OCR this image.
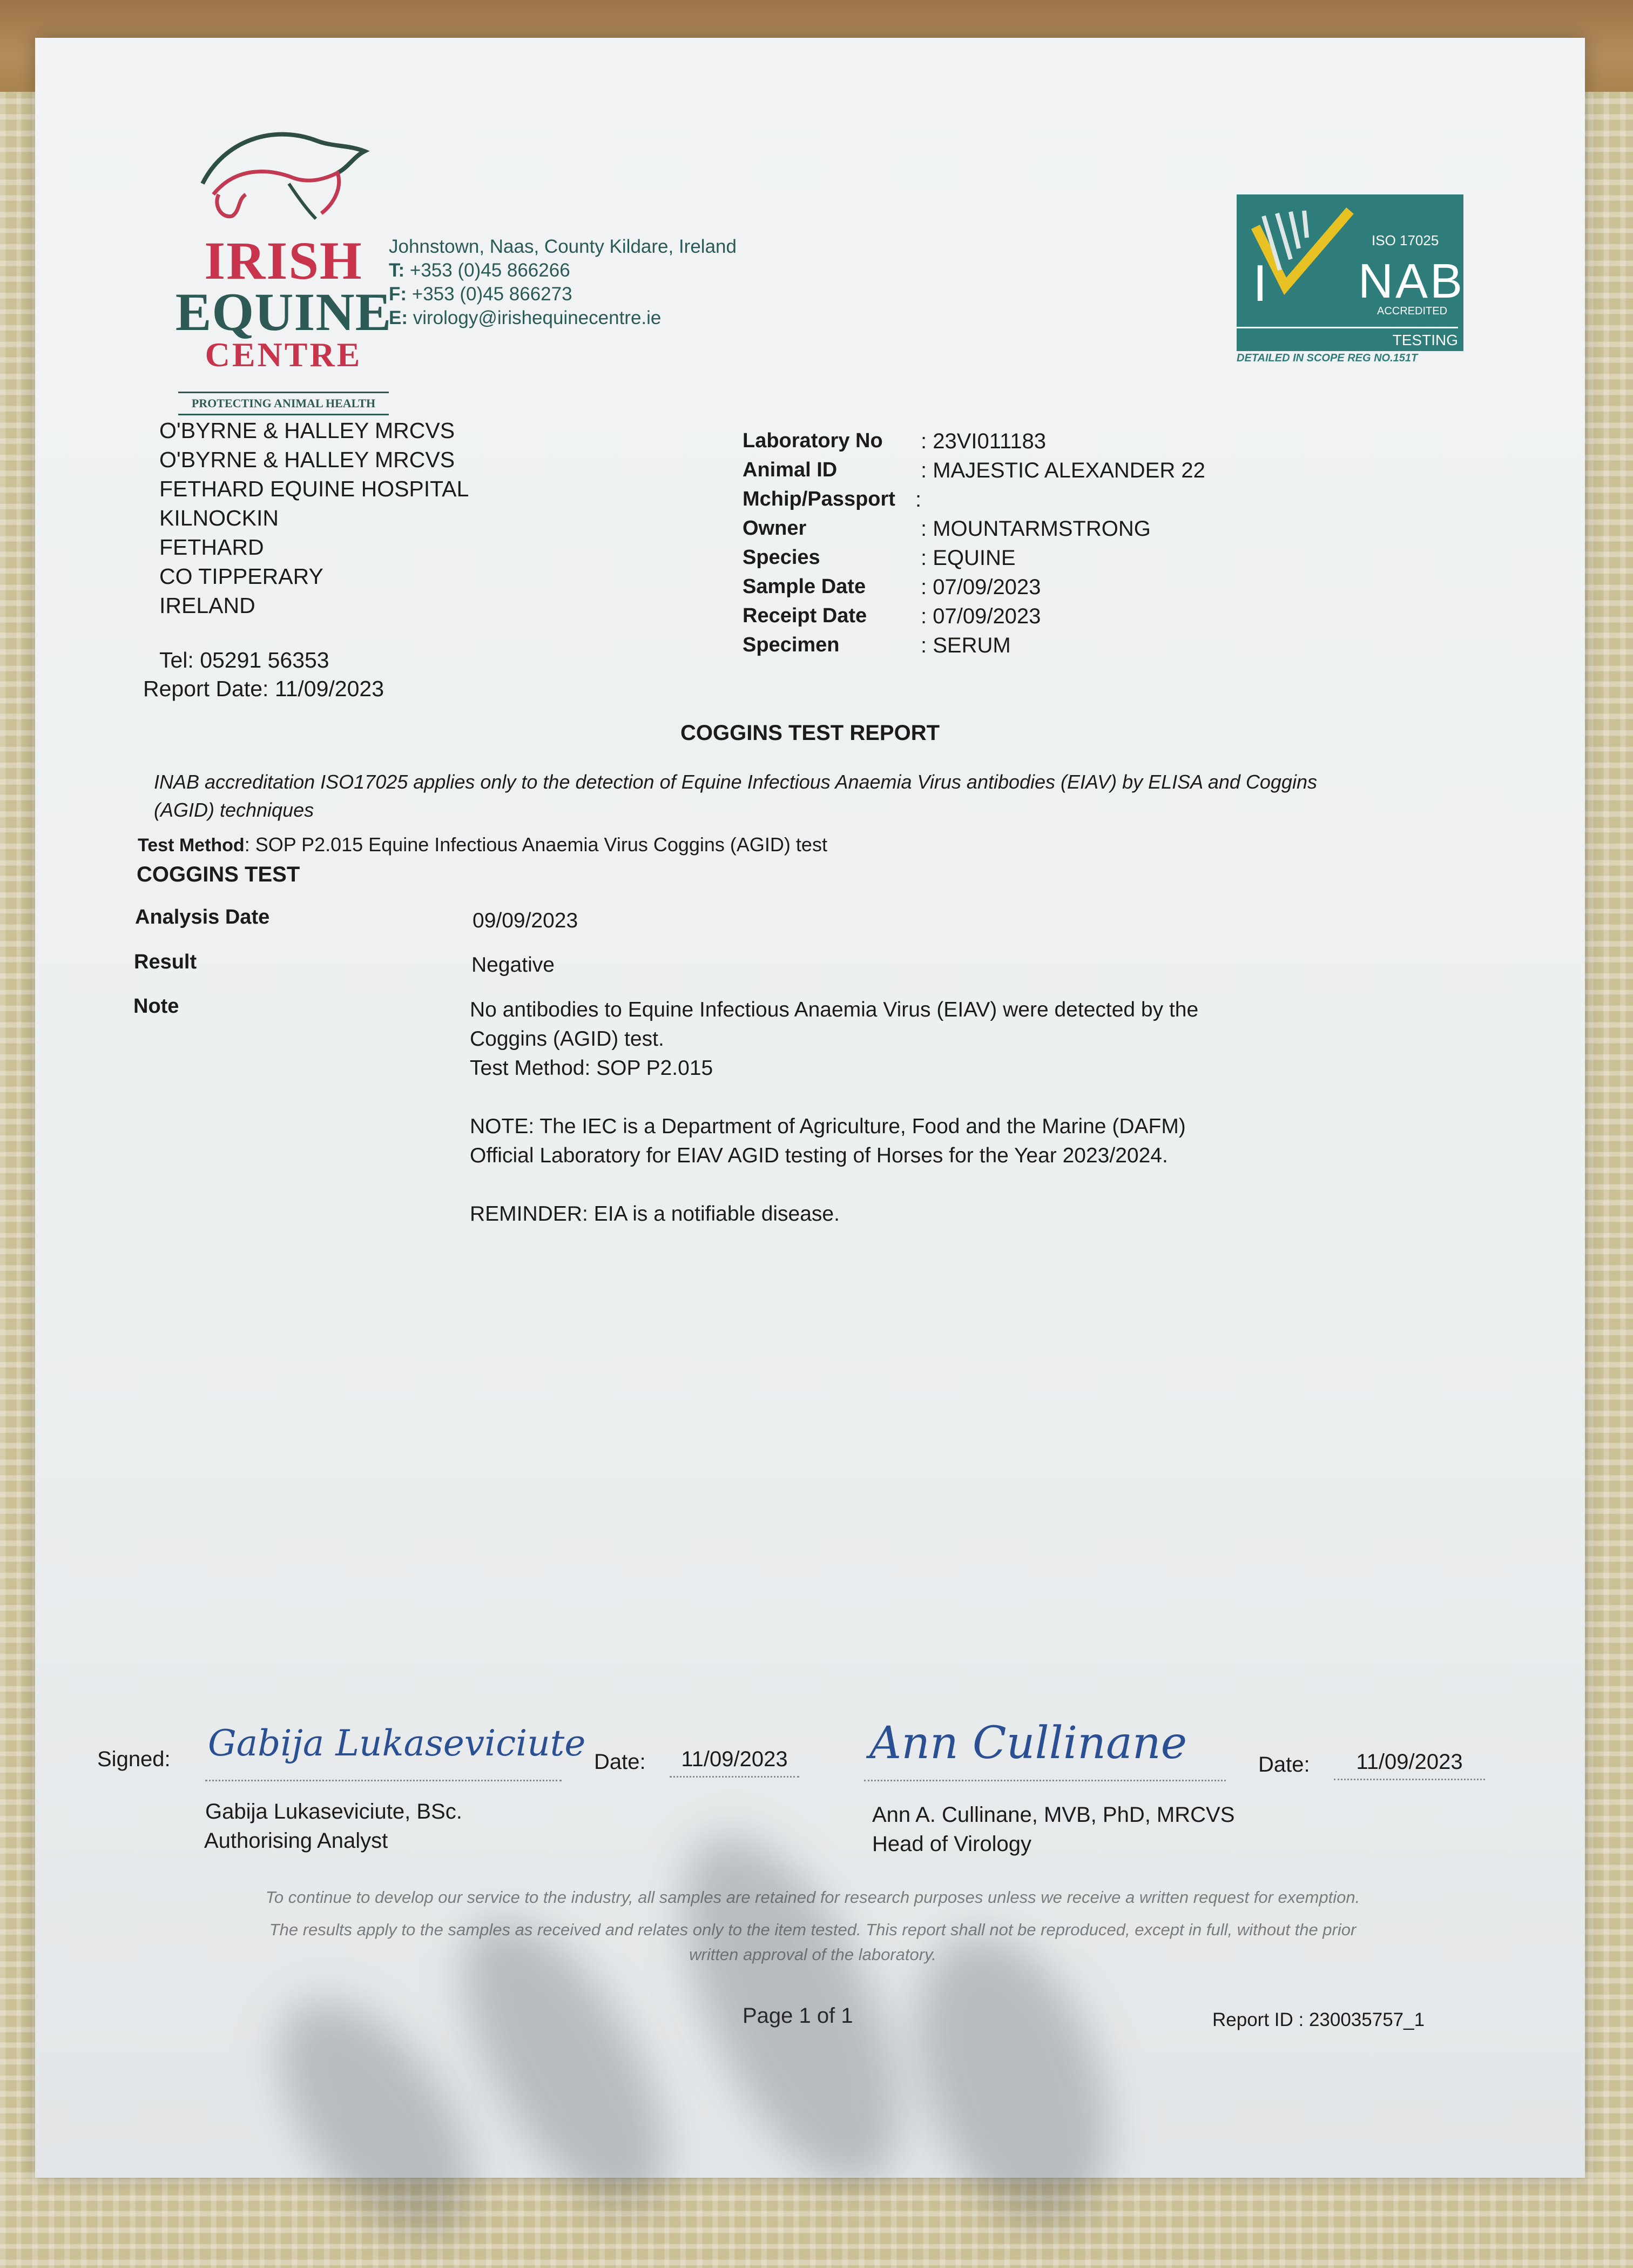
IRISH
EQUINE
CENTRE
PROTECTING ANIMAL HEALTH
Johnstown, Naas, County Kildare, Ireland
T: +353 (0)45 866266
F: +353 (0)45 866273
E: virology@irishequinecentre.ie
ISO 17025
I NAB
ACCREDITED
TESTING
DETAILED IN SCOPE REG NO.151T
O'BYRNE & HALLEY MRCVS
O'BYRNE & HALLEY MRCVS
FETHARD EQUINE HOSPITAL
KILNOCKIN
FETHARD
CO TIPPERARY
IRELAND
Tel: 05291 56353
Report Date: 11/09/2023
Laboratory No	: 23VI011183
Animal ID	: MAJESTIC ALEXANDER 22
Mchip/Passport :
Owner	: MOUNTARMSTRONG
Species	: EQUINE
Sample Date	: 07/09/2023
Receipt Date	: 07/09/2023
Specimen	: SERUM
COGGINS TEST REPORT
INAB accreditation ISO17025 applies only to the detection of Equine Infectious Anaemia Virus antibodies (EIAV) by ELISA and Coggins (AGID) techniques
Test Method: SOP P2.015 Equine Infectious Anaemia Virus Coggins (AGID) test
COGGINS TEST
Analysis Date	09/09/2023
Result	Negative
Note	No antibodies to Equine Infectious Anaemia Virus (EIAV) were detected by the Coggins (AGID) test.
Test Method: SOP P2.015
NOTE: The IEC is a Department of Agriculture, Food and the Marine (DAFM) Official Laboratory for EIAV AGID testing of Horses for the Year 2023/2024.
REMINDER: EIA is a notifiable disease.
Signed: Gabija Lukaseviciute Date:	11/09/2023 Ann Cullinane	Date:	11/09/2023
Gabija Lukaseviciute, BSc.
Authorising Analyst
Ann A. Cullinane, MVB, PhD, MRCVS
Head of Virology
To continue to develop our service to the industry, all samples are retained for research purposes unless we receive a written request for exemption.
The results apply to the samples as received and relates only to the item tested. This report shall not be reproduced, except in full, without the prior
written approval of the laboratory.
Page 1 of 1	Report ID : 230035757_1
